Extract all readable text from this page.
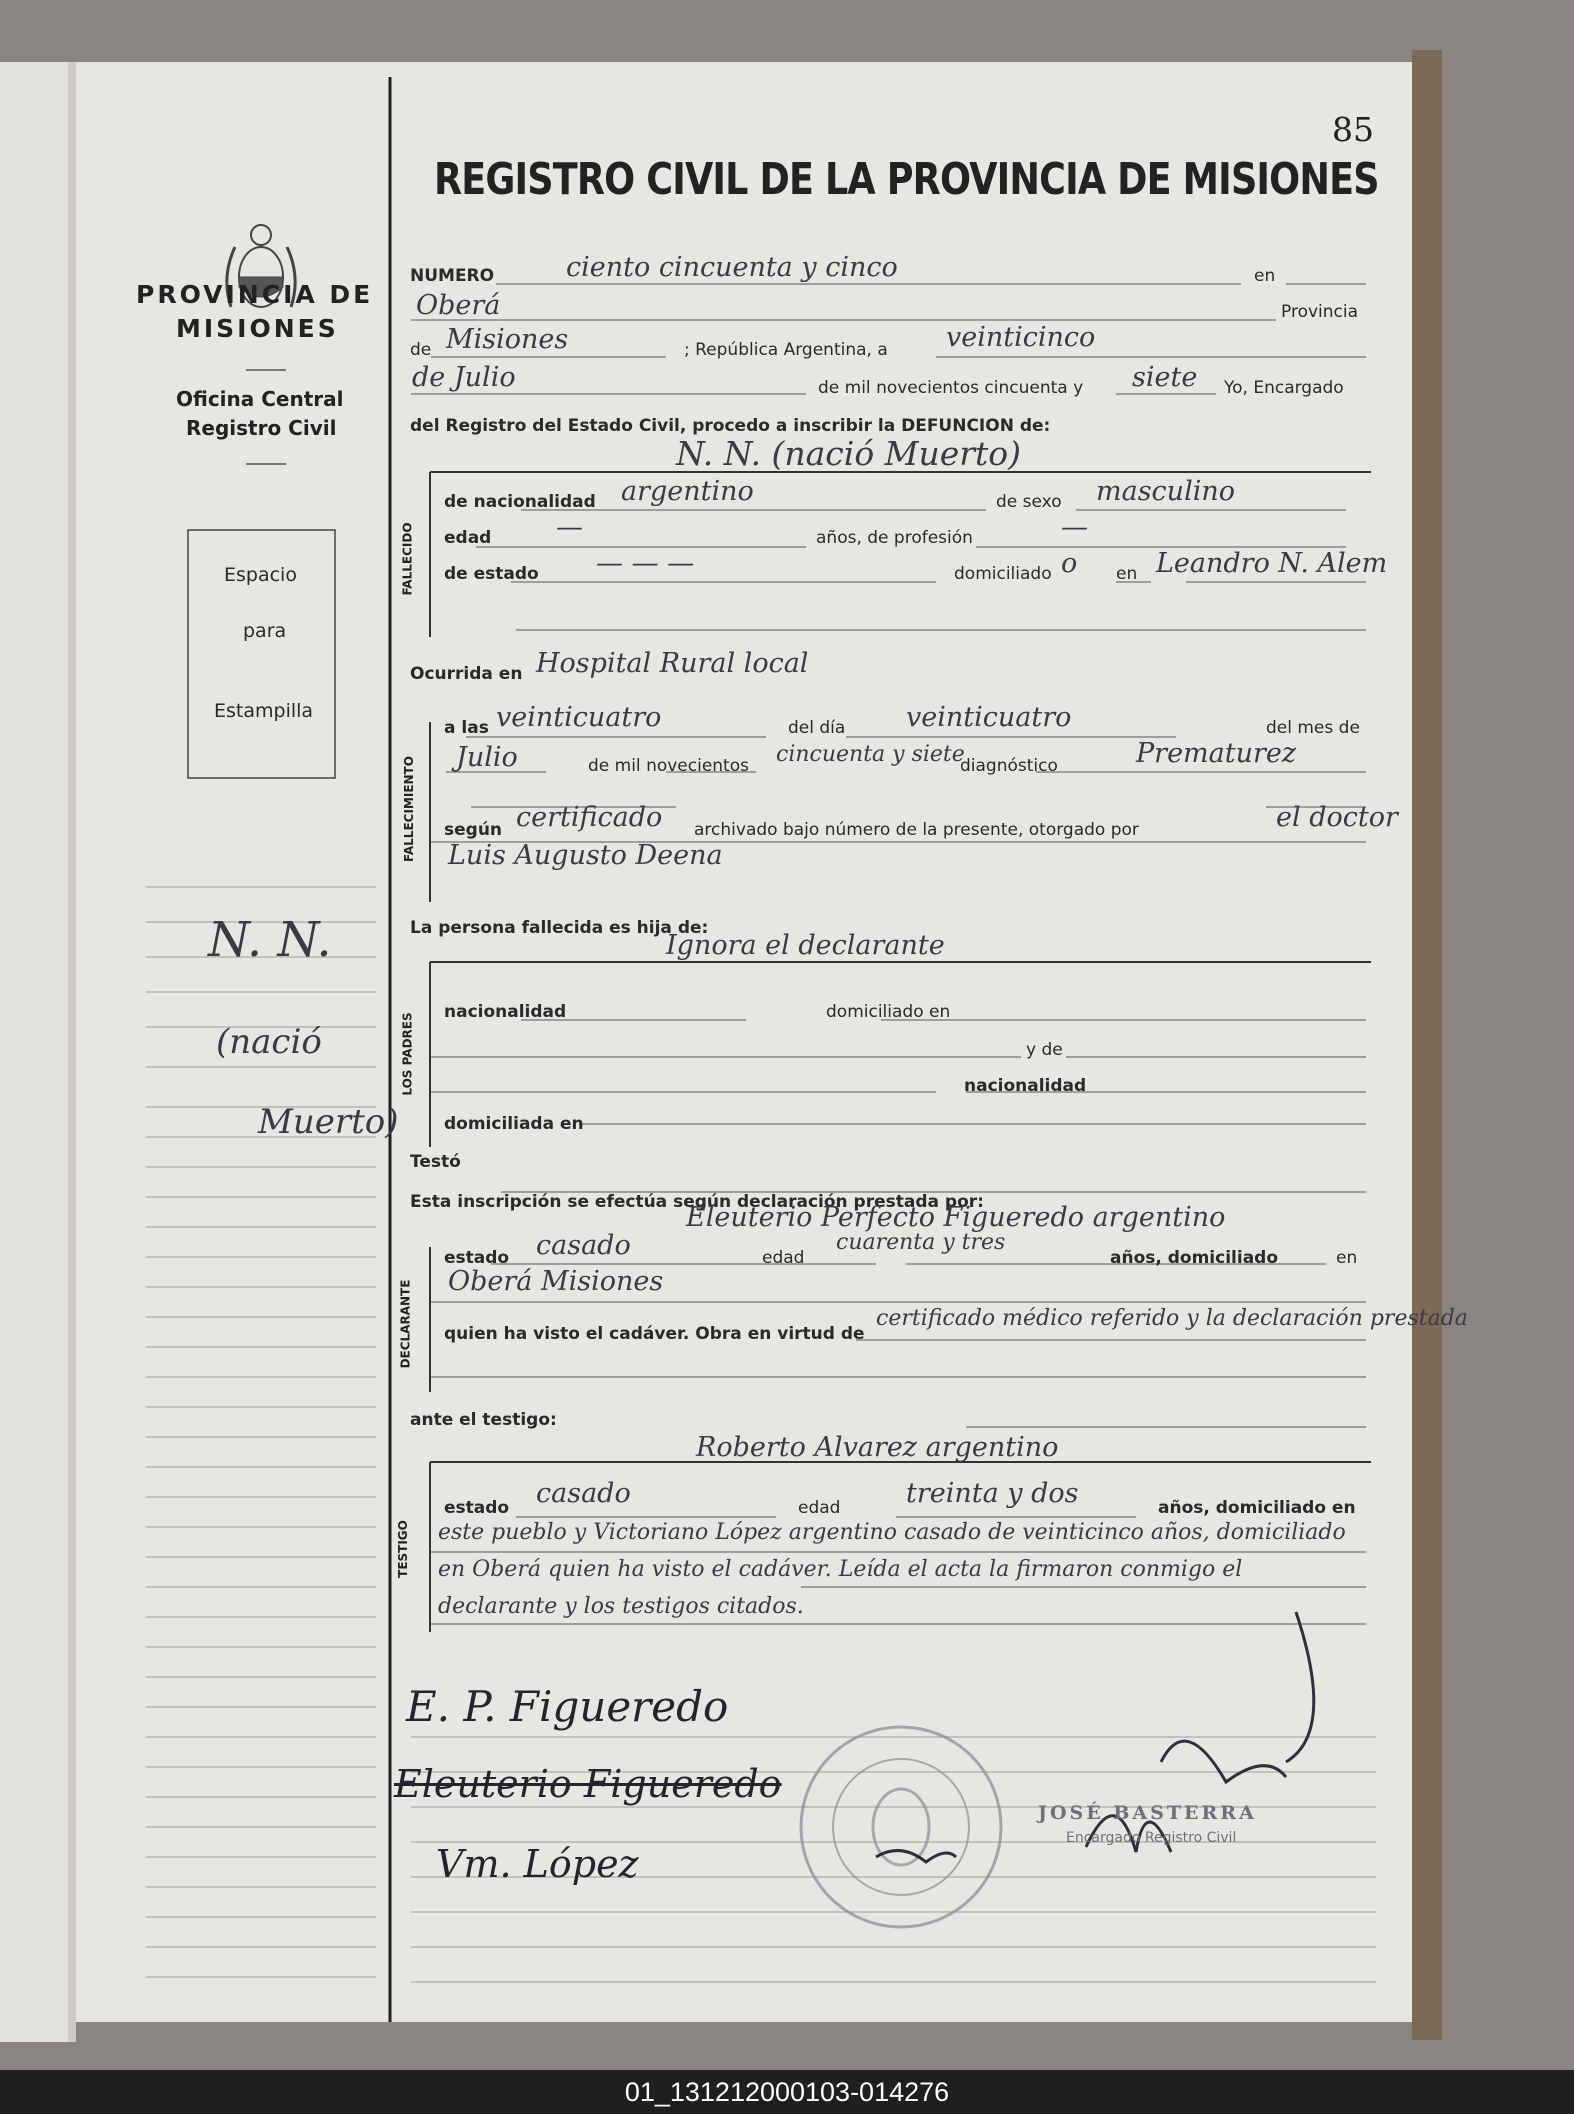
85
REGISTRO CIVIL DE LA PROVINCIA DE MISIONES
PROVINCIA DE
MISIONES
Oficina Central
Registro Civil
Espacio
para
Estampilla
N. N.
(nació
Muerto)
FALLECIDO
FALLECIMIENTO
LOS PADRES
DECLARANTE
TESTIGO
NUMERO	ciento cincuenta y cinco	en
Oberá	Provincia
de Misiones	; República Argentina, a veinticinco
de Julio	de mil novecientos cincuenta y siete Yo, Encargado
del Registro del Estado Civil, procedo a inscribir la DEFUNCION de:
N. N. (nació Muerto)
de nacionalidad argentino	de sexo masculino
edad —	años, de profesión	—
de estado — — —	domiciliado o en Leandro N. Alem
Ocurrida en Hospital Rural local
a las veinticuatro	del día veinticuatro	del mes de
Julio	de mil novecientos cincuenta y siete
diagnóstico	Prematurez
según certificado archivado bajo número de la presente, otorgado por	el doctor
Luis Augusto Deena
La persona fallecida es hija de:
Ignora el declarante
nacionalidad	domiciliado en
y de
nacionalidad
domiciliada en
Testó
Esta inscripción se efectúa según declaración prestada por:
Eleuterio Perfecto Figueredo argentino
estado casado	edad
cuarenta y tres
años, domiciliado	en
Oberá Misiones
quien ha visto el cadáver. Obra en virtud de
certificado médico referido y la declaración prestada
ante el testigo:
Roberto Alvarez argentino
estado casado	edad treinta y dos	años, domiciliado en
este pueblo y Victoriano López argentino casado de veinticinco años, domiciliado en Oberá quien ha visto el cadáver. Leída el acta la firmaron conmigo el declarante y los testigos citados.
E. P. Figueredo
Eleuterio Figueredo
Vm. López
JOSÉ BASTERRA
Encargado Registro Civil
01_131212000103-014276
